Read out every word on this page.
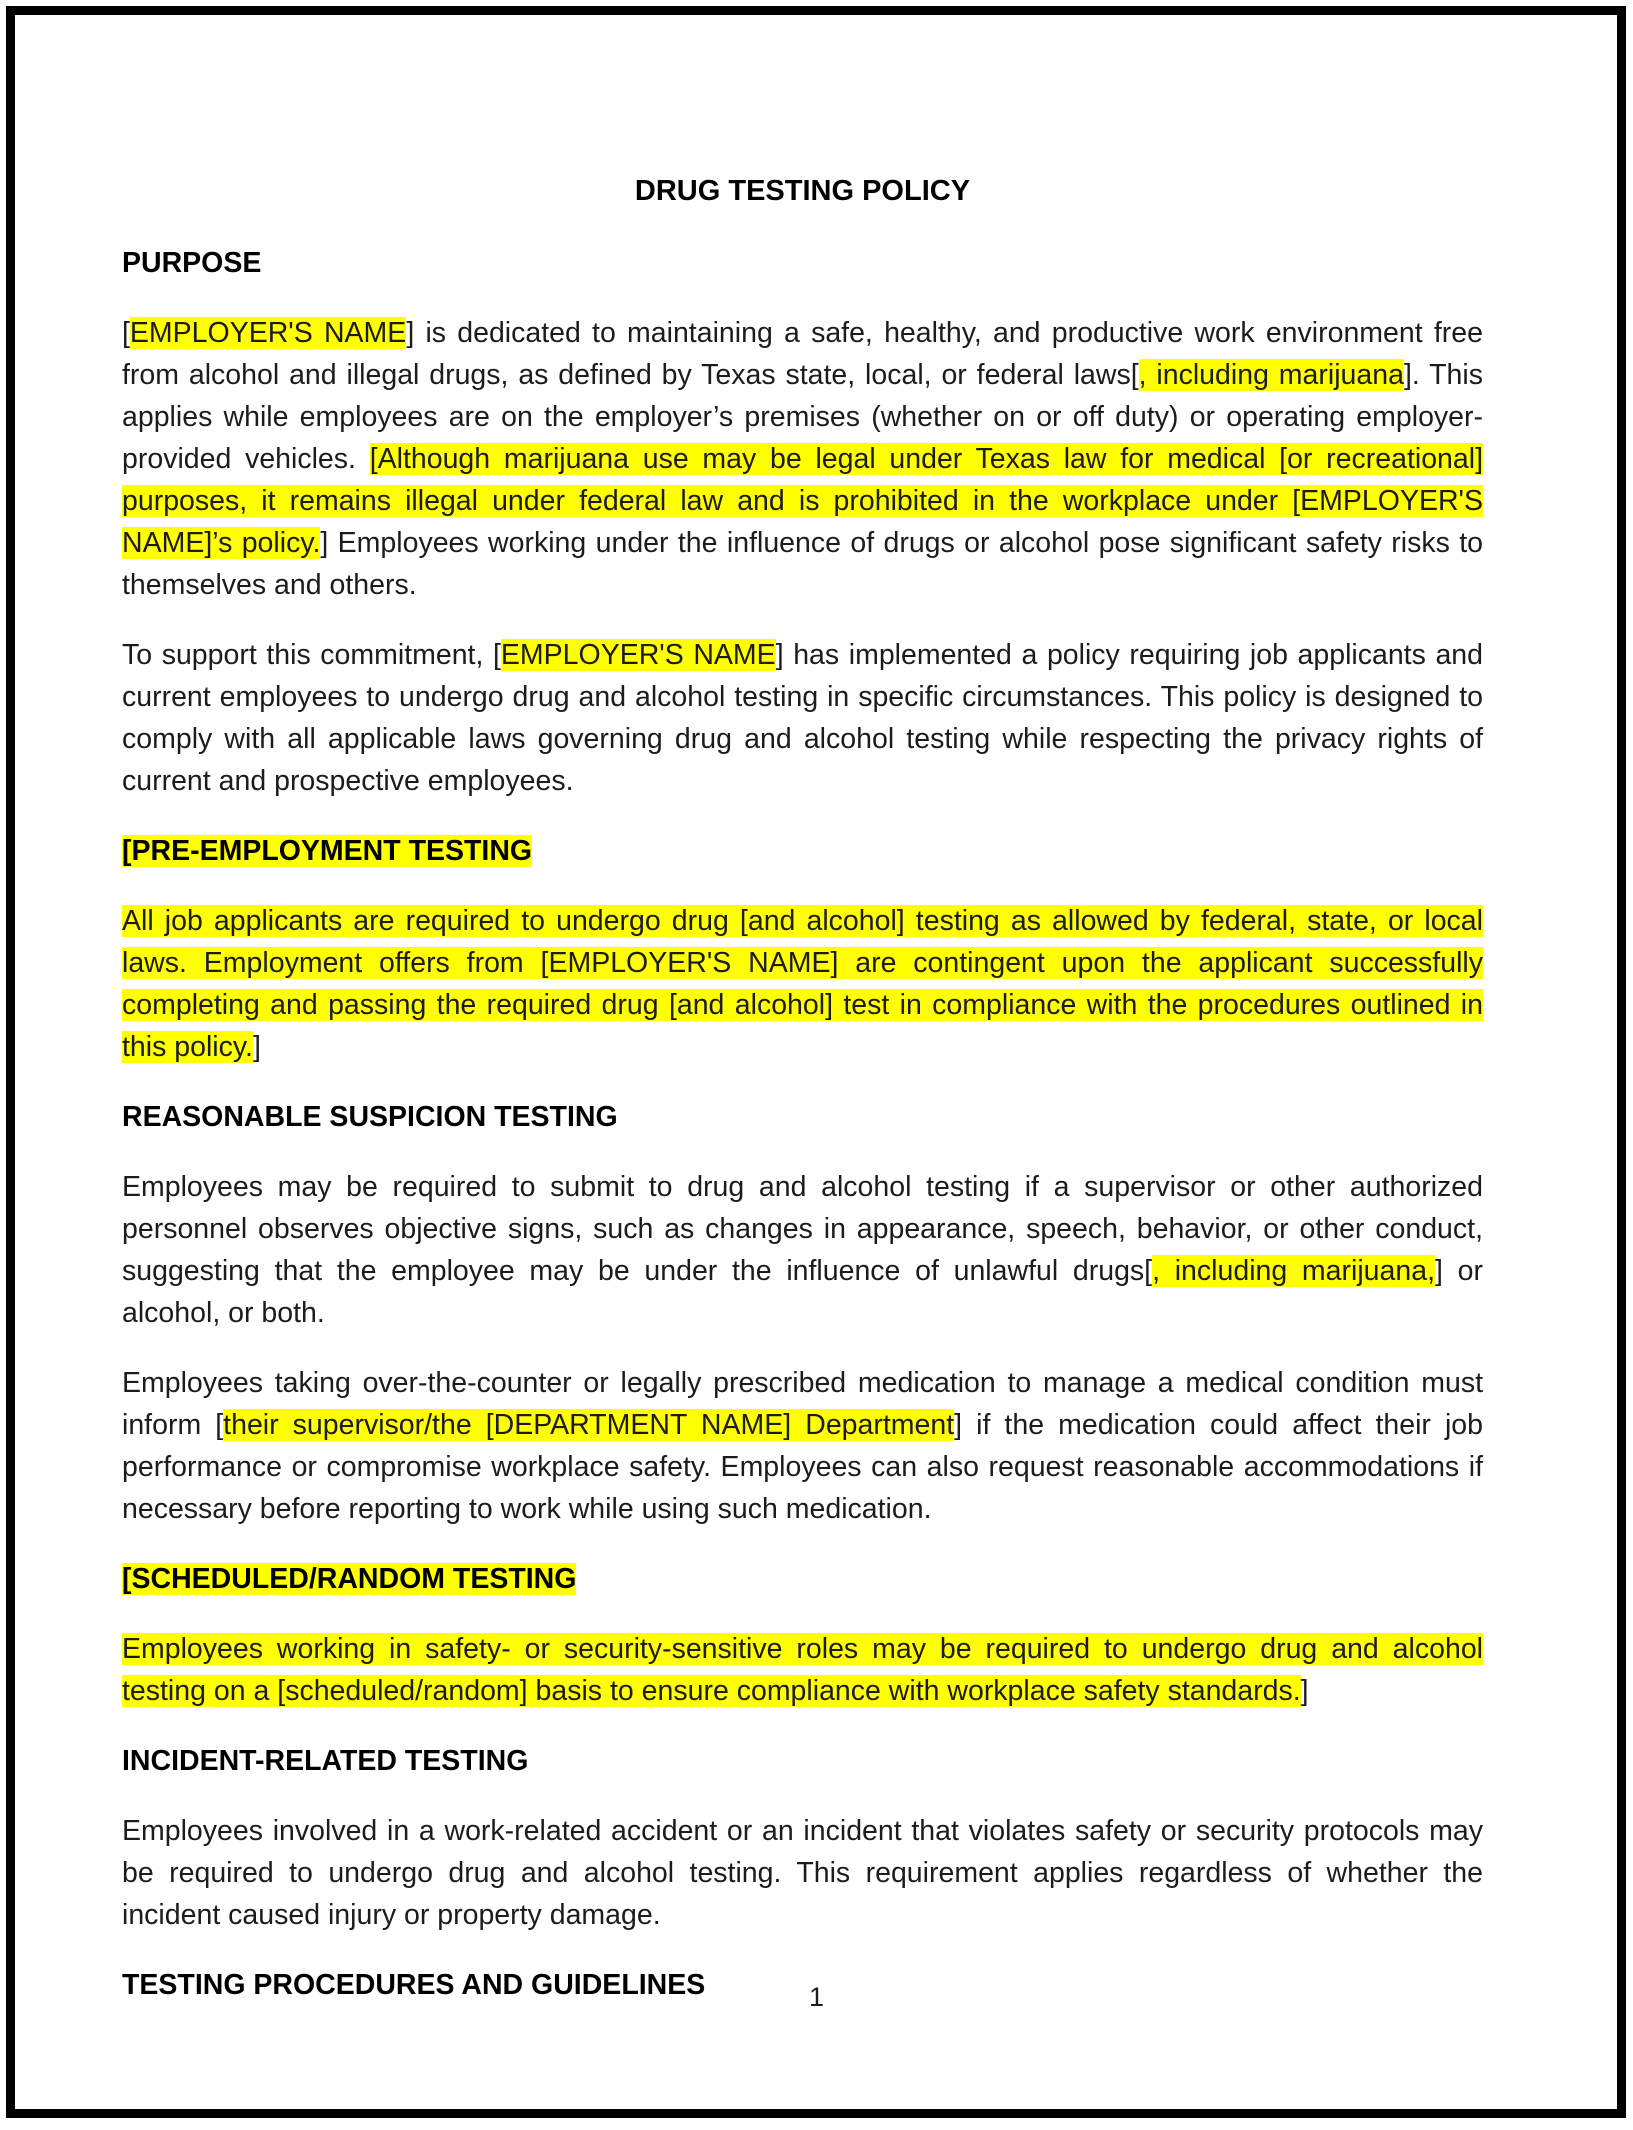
DRUG TESTING POLICY
PURPOSE

[EMPLOYER'S NAME] is dedicated to maintaining a safe, healthy, and productive work environment free from alcohol and illegal drugs, as defined by Texas state, local, or federal laws[, including marijuana]. This applies while employees are on the employer’s premises (whether on or off duty) or operating employer-provided vehicles. [Although marijuana use may be legal under Texas law for medical [or recreational] purposes, it remains illegal under federal law and is prohibited in the workplace under [EMPLOYER'S NAME]’s policy.] Employees working under the influence of drugs or alcohol pose significant safety risks to themselves and others.

To support this commitment, [EMPLOYER'S NAME] has implemented a policy requiring job applicants and current employees to undergo drug and alcohol testing in specific circumstances. This policy is designed to comply with all applicable laws governing drug and alcohol testing while respecting the privacy rights of current and prospective employees.

[PRE-EMPLOYMENT TESTING

All job applicants are required to undergo drug [and alcohol] testing as allowed by federal, state, or local laws. Employment offers from [EMPLOYER'S NAME] are contingent upon the applicant successfully completing and passing the required drug [and alcohol] test in compliance with the procedures outlined in this policy.]

REASONABLE SUSPICION TESTING

Employees may be required to submit to drug and alcohol testing if a supervisor or other authorized personnel observes objective signs, such as changes in appearance, speech, behavior, or other conduct, suggesting that the employee may be under the influence of unlawful drugs[, including marijuana,] or alcohol, or both.

Employees taking over-the-counter or legally prescribed medication to manage a medical condition must inform [their supervisor/the [DEPARTMENT NAME] Department] if the medication could affect their job performance or compromise workplace safety. Employees can also request reasonable accommodations if necessary before reporting to work while using such medication.

[SCHEDULED/RANDOM TESTING

Employees working in safety- or security-sensitive roles may be required to undergo drug and alcohol testing on a [scheduled/random] basis to ensure compliance with workplace safety standards.]

INCIDENT-RELATED TESTING

Employees involved in a work-related accident or an incident that violates safety or security protocols may be required to undergo drug and alcohol testing. This requirement applies regardless of whether the incident caused injury or property damage.

TESTING PROCEDURES AND GUIDELINES	1
